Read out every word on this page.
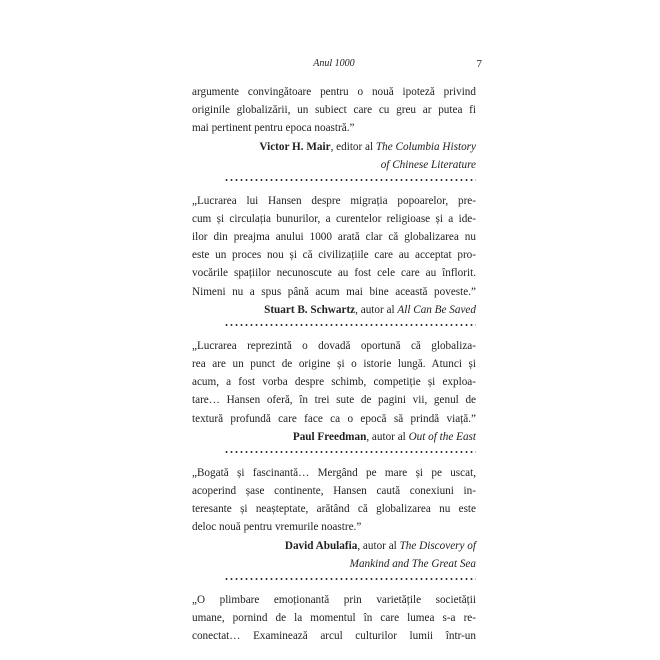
Anul 1000	7

argumente convingătoare pentru o nouă ipoteză privind

originile globalizării, un subiect care cu greu ar putea fi

mai pertinent pentru epoca noastră.”

Victor H. Mair, editor al The Columbia History
of Chinese Literature

„Lucrarea lui Hansen despre migrația popoarelor, pre-

cum și circulația bunurilor, a curentelor religioase și a ide-

ilor din preajma anului 1000 arată clar că globalizarea nu

este un proces nou și că civilizațiile care au acceptat pro-

vocările spațiilor necunoscute au fost cele care au înflorit.

Nimeni nu a spus până acum mai bine această poveste.”

Stuart B. Schwartz, autor al All Can Be Saved

„Lucrarea reprezintă o dovadă oportună că globaliza-

rea are un punct de origine și o istorie lungă. Atunci și

acum, a fost vorba despre schimb, competiție și exploa-

tare… Hansen oferă, în trei sute de pagini vii, genul de

textură profundă care face ca o epocă să prindă viață.”

Paul Freedman, autor al Out of the East

„Bogată și fascinantă… Mergând pe mare și pe uscat,

acoperind șase continente, Hansen caută conexiuni in-

teresante și neașteptate, arătând că globalizarea nu este

deloc nouă pentru vremurile noastre.”

David Abulafia, autor al The Discovery of
Mankind and The Great Sea

„O plimbare emoționantă prin varietățile societății

umane, pornind de la momentul în care lumea s-a re-

conectat… Examinează arcul culturilor lumii într-un
